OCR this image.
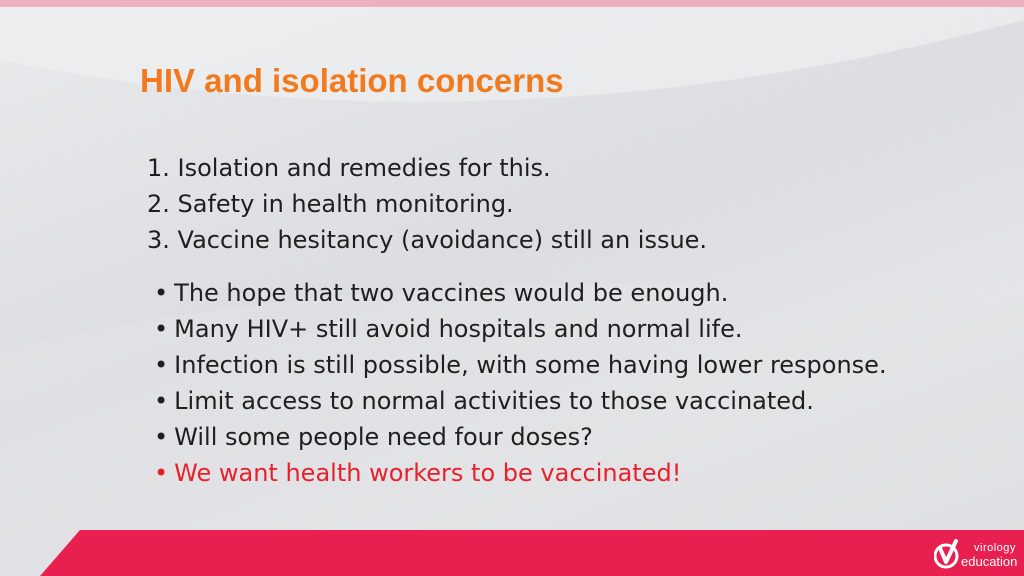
HIV and isolation concerns
1. Isolation and remedies for this.
2. Safety in health monitoring.
3. Vaccine hesitancy (avoidance) still an issue.
• The hope that two vaccines would be enough.
• Many HIV+ still avoid hospitals and normal life.
• Infection is still possible, with some having lower response.
• Limit access to normal activities to those vaccinated.
• Will some people need four doses?
• We want health workers to be vaccinated!
virology
education
